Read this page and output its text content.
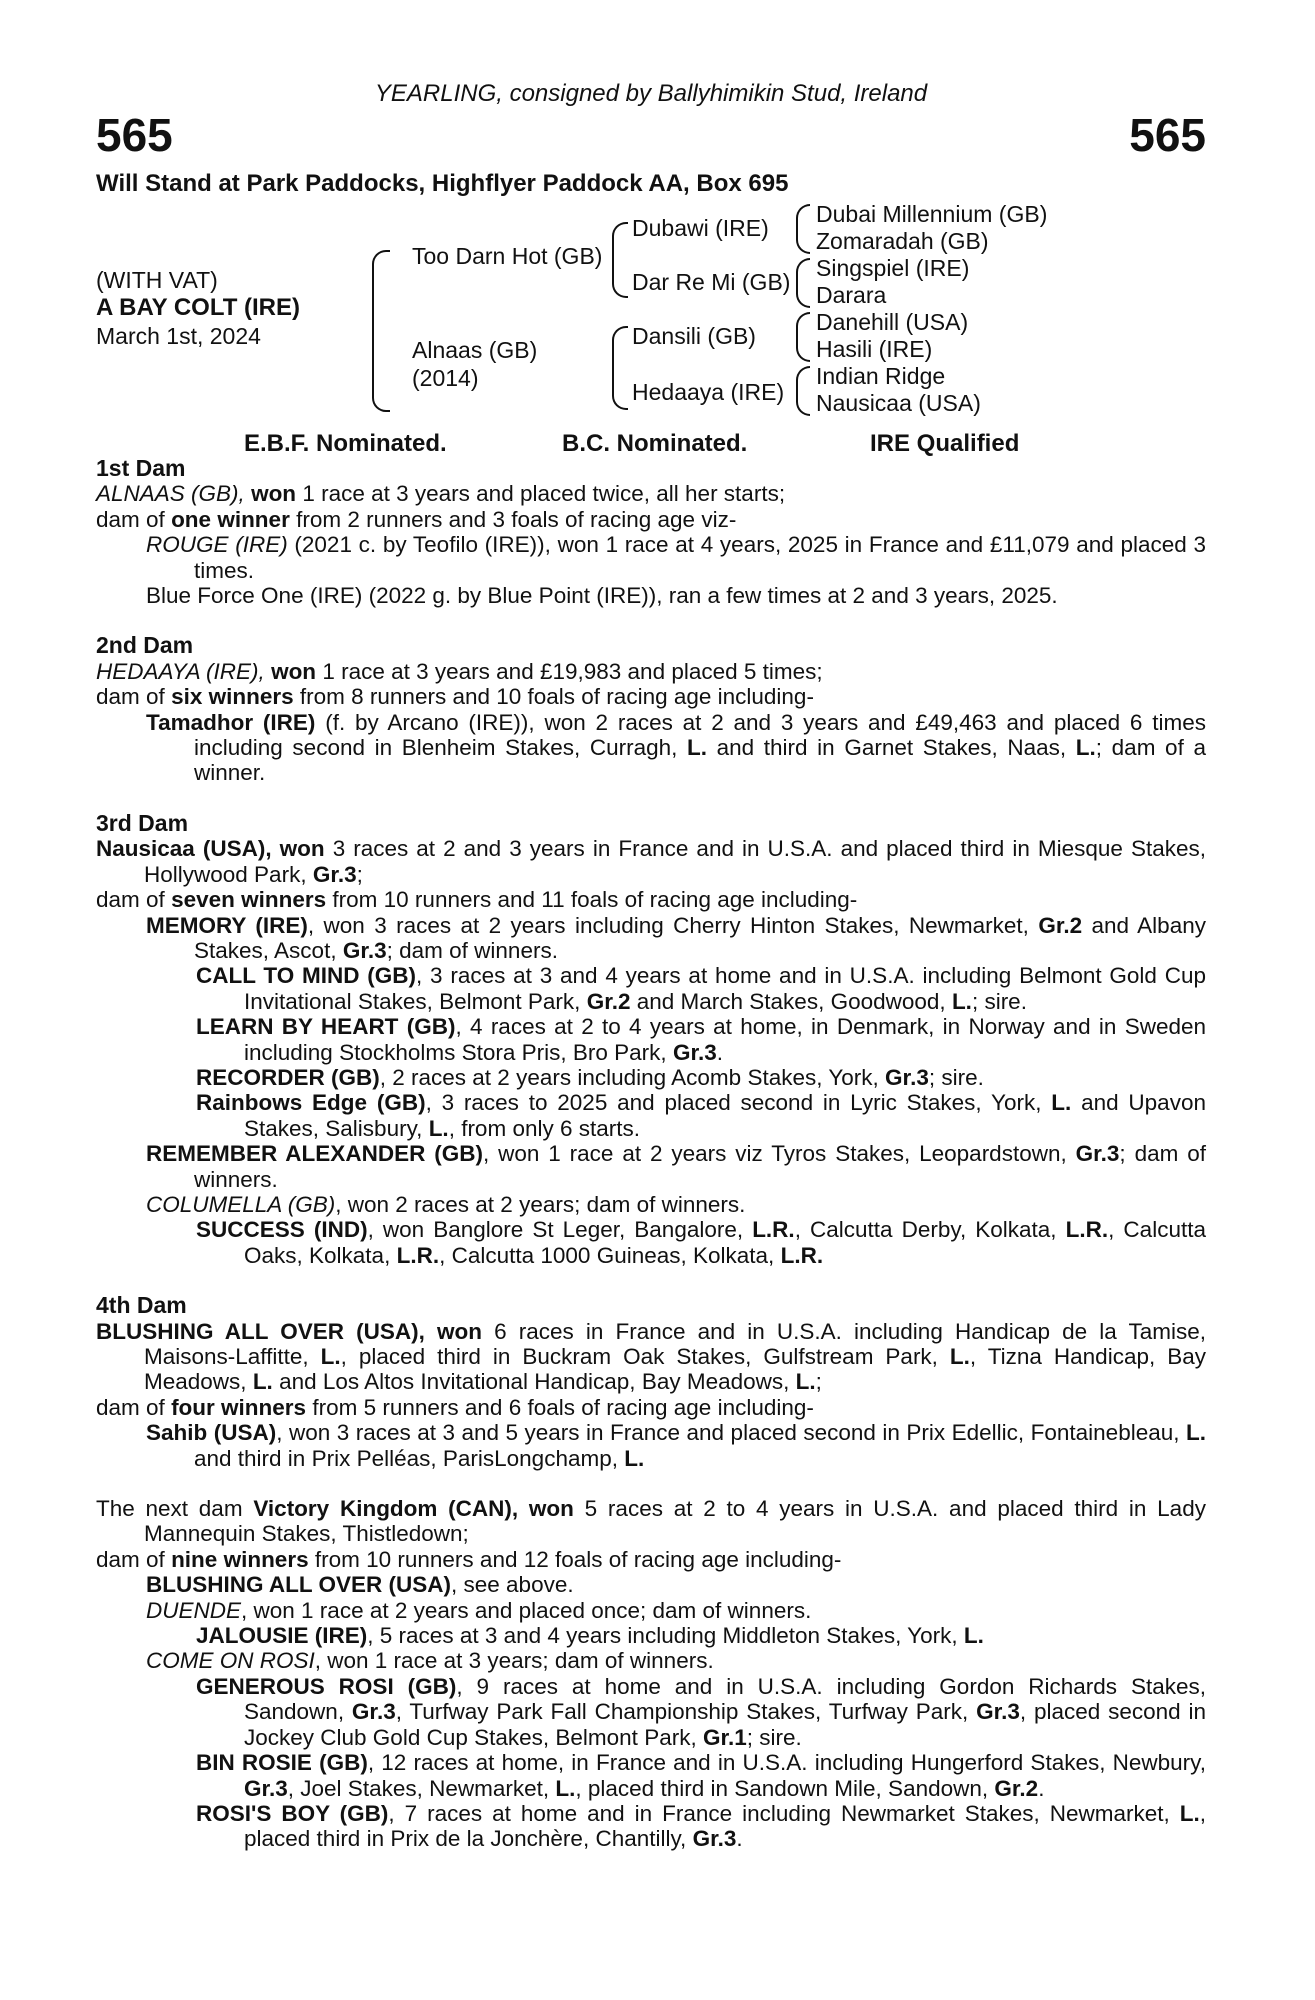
YEARLING, consigned by Ballyhimikin Stud, Ireland
565	565
Will Stand at Park Paddocks, Highflyer Paddock AA, Box 695
(WITH VAT)
A BAY COLT (IRE)
March 1st, 2024
Too Darn Hot (GB)
Alnaas (GB)
(2014)
Dubawi (IRE)
Dar Re Mi (GB)
Dansili (GB)
Hedaaya (IRE)
Dubai Millennium (GB)
Zomaradah (GB)
Singspiel (IRE)
Darara
Danehill (USA)
Hasili (IRE)
Indian Ridge
Nausicaa (USA)
E.B.F. Nominated.	B.C. Nominated.	IRE Qualified
1st Dam
ALNAAS (GB), won 1 race at 3 years and placed twice, all her starts;
dam of one winner from 2 runners and 3 foals of racing age viz-
ROUGE (IRE) (2021 c. by Teofilo (IRE)), won 1 race at 4 years, 2025 in France and £11,079 and placed 3 times.
Blue Force One (IRE) (2022 g. by Blue Point (IRE)), ran a few times at 2 and 3 years, 2025.
2nd Dam
HEDAAYA (IRE), won 1 race at 3 years and £19,983 and placed 5 times;
dam of six winners from 8 runners and 10 foals of racing age including-
Tamadhor (IRE) (f. by Arcano (IRE)), won 2 races at 2 and 3 years and £49,463 and placed 6 times including second in Blenheim Stakes, Curragh, L. and third in Garnet Stakes, Naas, L.; dam of a winner.
3rd Dam
Nausicaa (USA), won 3 races at 2 and 3 years in France and in U.S.A. and placed third in Miesque Stakes, Hollywood Park, Gr.3;
dam of seven winners from 10 runners and 11 foals of racing age including-
MEMORY (IRE), won 3 races at 2 years including Cherry Hinton Stakes, Newmarket, Gr.2 and Albany Stakes, Ascot, Gr.3; dam of winners.
CALL TO MIND (GB), 3 races at 3 and 4 years at home and in U.S.A. including Belmont Gold Cup Invitational Stakes, Belmont Park, Gr.2 and March Stakes, Goodwood, L.; sire.
LEARN BY HEART (GB), 4 races at 2 to 4 years at home, in Denmark, in Norway and in Sweden including Stockholms Stora Pris, Bro Park, Gr.3.
RECORDER (GB), 2 races at 2 years including Acomb Stakes, York, Gr.3; sire.
Rainbows Edge (GB), 3 races to 2025 and placed second in Lyric Stakes, York, L. and Upavon Stakes, Salisbury, L., from only 6 starts.
REMEMBER ALEXANDER (GB), won 1 race at 2 years viz Tyros Stakes, Leopardstown, Gr.3; dam of winners.
COLUMELLA (GB), won 2 races at 2 years; dam of winners.
SUCCESS (IND), won Banglore St Leger, Bangalore, L.R., Calcutta Derby, Kolkata, L.R., Calcutta Oaks, Kolkata, L.R., Calcutta 1000 Guineas, Kolkata, L.R.
4th Dam
BLUSHING ALL OVER (USA), won 6 races in France and in U.S.A. including Handicap de la Tamise, Maisons-Laffitte, L., placed third in Buckram Oak Stakes, Gulfstream Park, L., Tizna Handicap, Bay Meadows, L. and Los Altos Invitational Handicap, Bay Meadows, L.;
dam of four winners from 5 runners and 6 foals of racing age including-
Sahib (USA), won 3 races at 3 and 5 years in France and placed second in Prix Edellic, Fontainebleau, L. and third in Prix Pelléas, ParisLongchamp, L.
The next dam Victory Kingdom (CAN), won 5 races at 2 to 4 years in U.S.A. and placed third in Lady Mannequin Stakes, Thistledown;
dam of nine winners from 10 runners and 12 foals of racing age including-
BLUSHING ALL OVER (USA), see above.
DUENDE, won 1 race at 2 years and placed once; dam of winners.
JALOUSIE (IRE), 5 races at 3 and 4 years including Middleton Stakes, York, L.
COME ON ROSI, won 1 race at 3 years; dam of winners.
GENEROUS ROSI (GB), 9 races at home and in U.S.A. including Gordon Richards Stakes, Sandown, Gr.3, Turfway Park Fall Championship Stakes, Turfway Park, Gr.3, placed second in Jockey Club Gold Cup Stakes, Belmont Park, Gr.1; sire.
BIN ROSIE (GB), 12 races at home, in France and in U.S.A. including Hungerford Stakes, Newbury, Gr.3, Joel Stakes, Newmarket, L., placed third in Sandown Mile, Sandown, Gr.2.
ROSI'S BOY (GB), 7 races at home and in France including Newmarket Stakes, Newmarket, L., placed third in Prix de la Jonchère, Chantilly, Gr.3.
